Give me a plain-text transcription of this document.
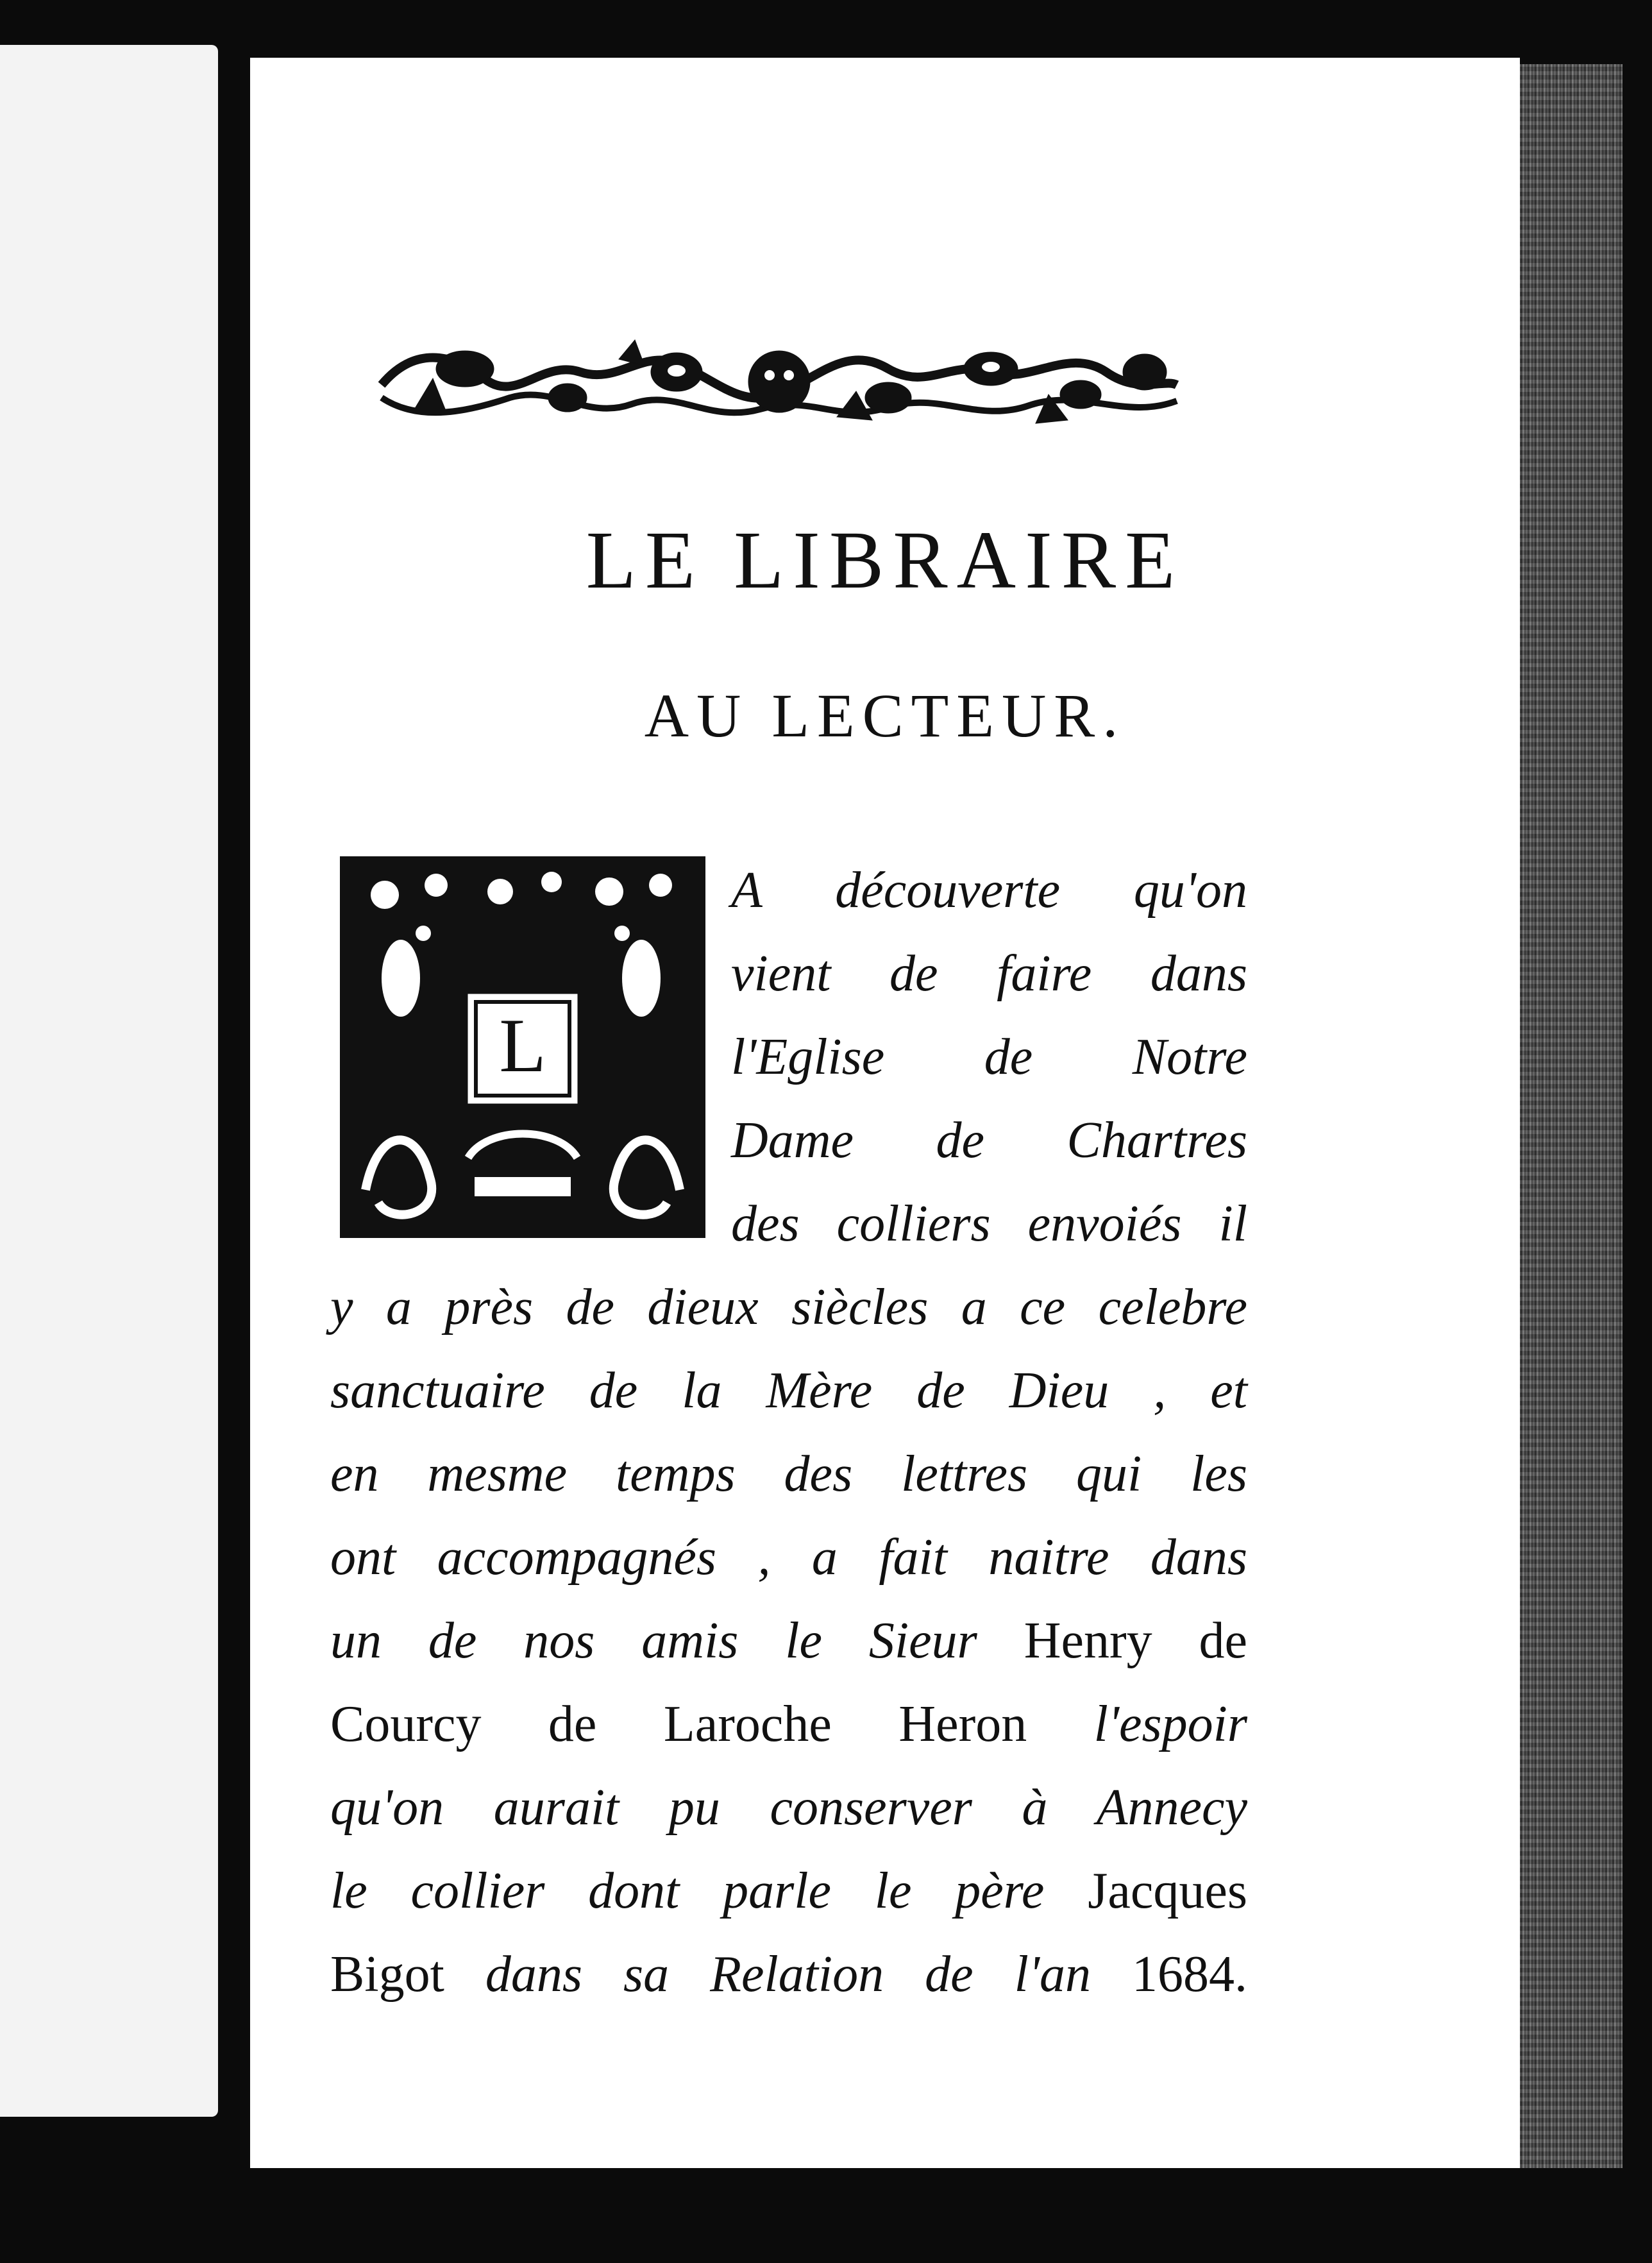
LE LIBRAIRE
AU LECTEUR.
L

A découverte qu'on

vient de faire dans

l'Eglise de Notre

Dame de Chartres

des colliers envoiés il

y a près de dieux siècles a ce celebre

sanctuaire de la Mère de Dieu , et

en mesme temps des lettres qui les

ont accompagnés , a fait naitre dans

un de nos amis le Sieur Henry de

Courcy de Laroche Heron l'espoir

qu'on aurait pu conserver à Annecy

le collier dont parle le père Jacques

Bigot dans sa Relation de l'an 1684.
